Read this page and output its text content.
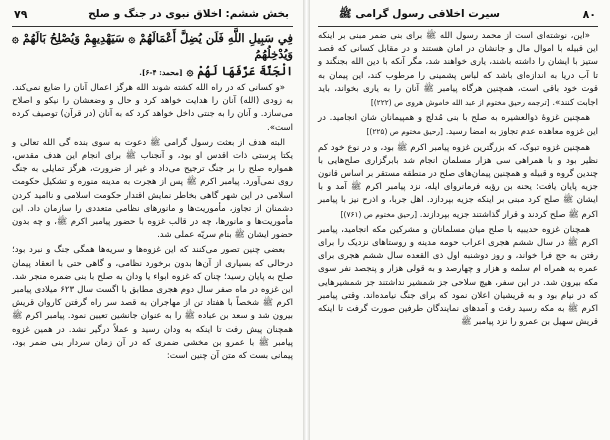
بخش ششم: اخلاق نبوی در جنگ و صلح
۷۹
فِي سَبِيلِ اللَّهِ فَلَن يُضِلَّ أَعْمَالَهُمْ ۞ سَيَهْدِيهِمْ وَيُصْلِحُ بَالَهُمْ ۞ وَيُدْخِلُهُمُ
الْجَنَّةَ عَرَّفَهَا لَهُمْ ۞ [محمد: ۴-۶].

«و کسانی که در راه الله کشته شوند الله هرگز اعمال آنان را ضایع نمی‌کند. به زودی (الله) آنان را هدایت خواهد کرد و حال و وضعشان را نیکو و اصلاح می‌سازد. و آنان را به جنتی داخل خواهد کرد که به آنان (در قرآن) توصیف کرده است».

البته هدف از بعثت رسول گرامی ﷺ دعوت به سوی بنده گی الله تعالی و یکتا پرستی ذات اقدس او بود، و آنجناب ﷺ برای انجام این هدف مقدس، همواره صلح را بر جنگ ترجیح می‌داد و غیر از ضرورت، هرگز تمایلی به جنگ روی نمی‌آورد. پیامبر اکرم ﷺ پس از هجرت به مدینه منوره و تشکیل حکومت اسلامی در این شهر گاهی بخاطر نمایش اقتدار حکومت اسلامی و ناامید کردن دشمنان از تجاوز، مأموریت‌ها و مانورهای نظامی متعددی را سازمان داد. این مأموریت‌ها و مانورها، چه در قالب غزوه با حضور پیامبر اکرم ﷺ، و چه بدون حضور ایشان ﷺ بنام سریّه عملی شد.

بعضی چنین تصور می‌کنند که این غزوه‌ها و سریه‌ها همگی جنگ و نبرد بود؛ درحالی که بسیاری از آن‌ها بدون برخورد نظامی، و گاهی حتی با انعقاد پیمان صلح به پایان رسید؛ چنان که غزوه ابواء یا ودان به صلح با بنی ضمره منجر شد. این غزوه در ماه صفر سال دوم هجری مطابق با اگست سال ۶۲۳ میلادی پیامبر اکرم ﷺ شخصاً با هفتاد تن از مهاجران به قصد سر راه گرفتن کاروان قریش بیرون شد و سعد بن عباده ﷺ را به عنوان جانشین تعیین نمود. پیامبر اکرم ﷺ همچنان پیش رفت تا اینکه به ودان رسید و عملاً درگیر نشد. در همین غزوه پیامبر ﷺ با عمرو بن مخشی ضمری که در آن زمان سردار بنی ضمر بود، پیمانی بست که متن آن چنین است:

سیرت اخلاقی رسول گرامی ﷺ	۸۰

«این، نوشته‌ای است از محمد رسول الله ﷺ برای بنی ضمر مبنی بر اینکه این قبیله با اموال مال و جانشان در امان هستند و در مقابل کسانی که قصد ستیز با ایشان را داشته باشند، یاری خواهند شد، مگر آنکه با دین الله بجنگند و تا آب دریا به اندازه‌ای باشد که لباس پشمینی را مرطوب کند، این پیمان به قوت خود باقی است، همچنین هرگاه پیامبر ﷺ آنان را به یاری بخواند، باید اجابت کنند». [ترجمه رحیق مختوم از عبد الله خاموش هروی ص (۲۲۲)]

همچنین غزوهٔ ذوالعشیره به صلح با بنی مُدلج و همپیمانان شان انجامید. در این غزوه معاهده عدم تجاوز به امضا رسید. [رحیق مختوم ص (۲۲۵)]

همچنین غزوه تبوک، که بزرگترین غزوه پیامبر اکرم ﷺ بود، و در نوع خود کم نظیر بود و با همراهی سی هزار مسلمان انجام شد بابرگزاری صلح‌هایی با چندین گروه و قبیله و همچنین پیمان‌های صلح در منطقه مستقر بر اساس قانون جزیه پایان یافت: یحنه بن رؤبه فرمانروای ایله، نزد پیامبر اکرم ﷺ آمد و با ایشان ﷺ صلح کرد مبنی بر اینکه جزیه بپردازد. اهل جربا، و اذرح نیز با پیامبر اکرم ﷺ صلح کردند و قرار گذاشتند جزیه بپردازند. [رحیق مختوم ص (۷۶۱)]

همچنان غزوه حدیبیه با صلح میان مسلمانان و مشرکین مکه انجامید، پیامبر اکرم ﷺ در سال ششم هجری اعراب حومه مدینه و روستاهای نزدیک را برای رفتن به حج فرا خواند، و روز دوشنبه اول ذی القعده سال ششم هجری برای عمره به همراه ام سلمه و هزار و چهارصد و به قولی هزار و پنجصد نفر سوی مکه بیرون شد. در این سفر، هیچ سلاحی جز شمشیر نداشتند جز شمشیرهایی که در نیام بود و به قریشیان اعلان نمود که برای جنگ نیامده‌اند. وقتی پیامبر اکرم ﷺ به مکه رسید رفت و آمدهای نمایندگان طرفین صورت گرفت تا اینکه قریش سهیل بن عمرو را نزد پیامبر ﷺ
